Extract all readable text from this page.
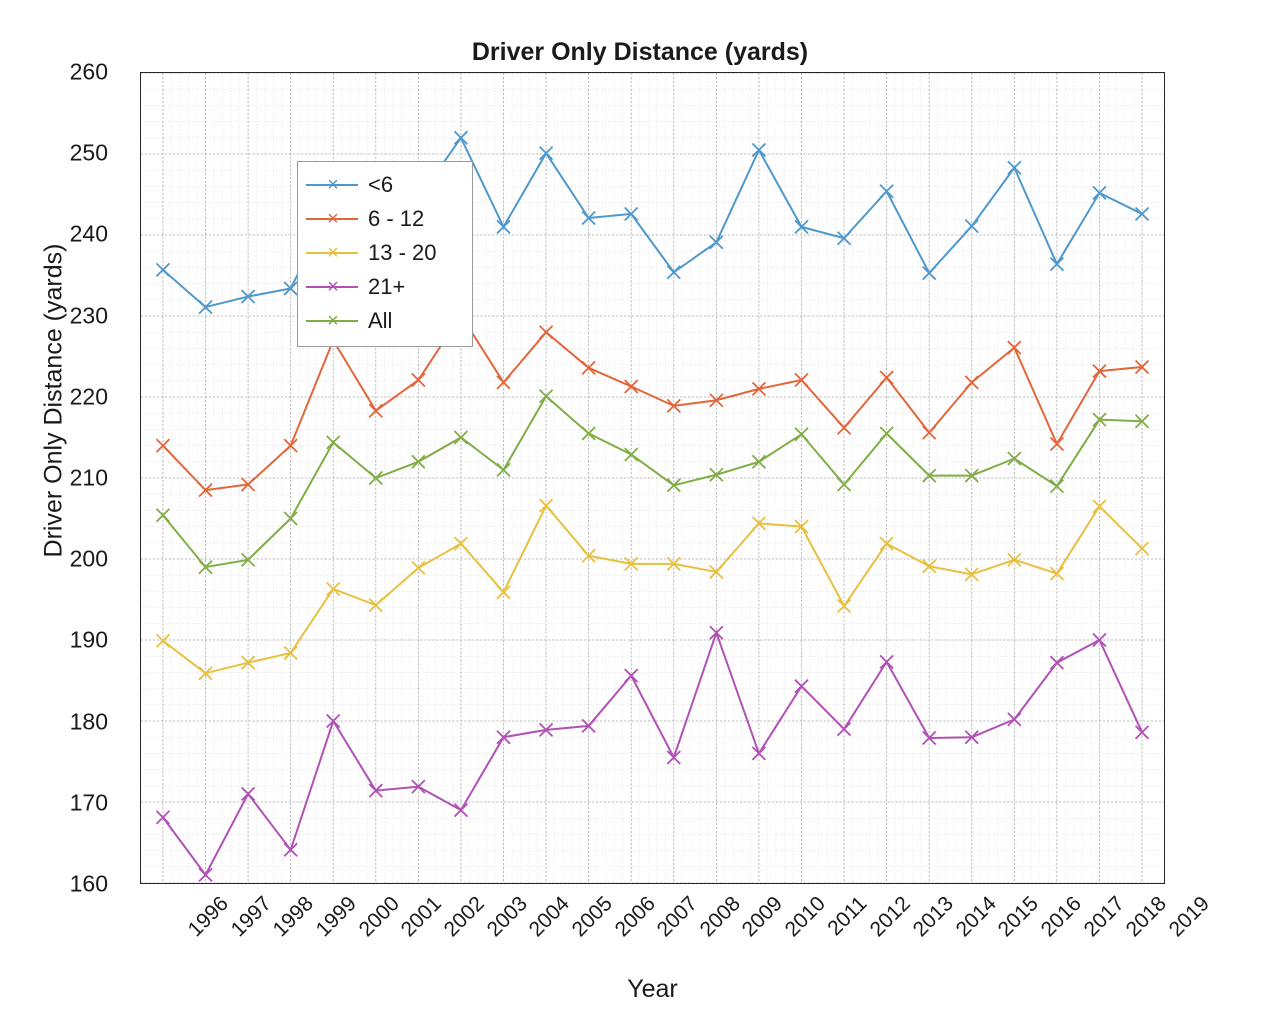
Driver Only Distance (yards)
× <6
× 6 - 12
× 13 - 20
× 21+
× All
160
170
180
190
200
210
220
230
240
250
260
1996
1997
1998
1999
2000
2001
2002
2003
2004
2005
2006
2007
2008
2009
2010
2011
2012
2013
2014
2015
2016
2017
2018
2019
Driver Only Distance (yards)
Year
